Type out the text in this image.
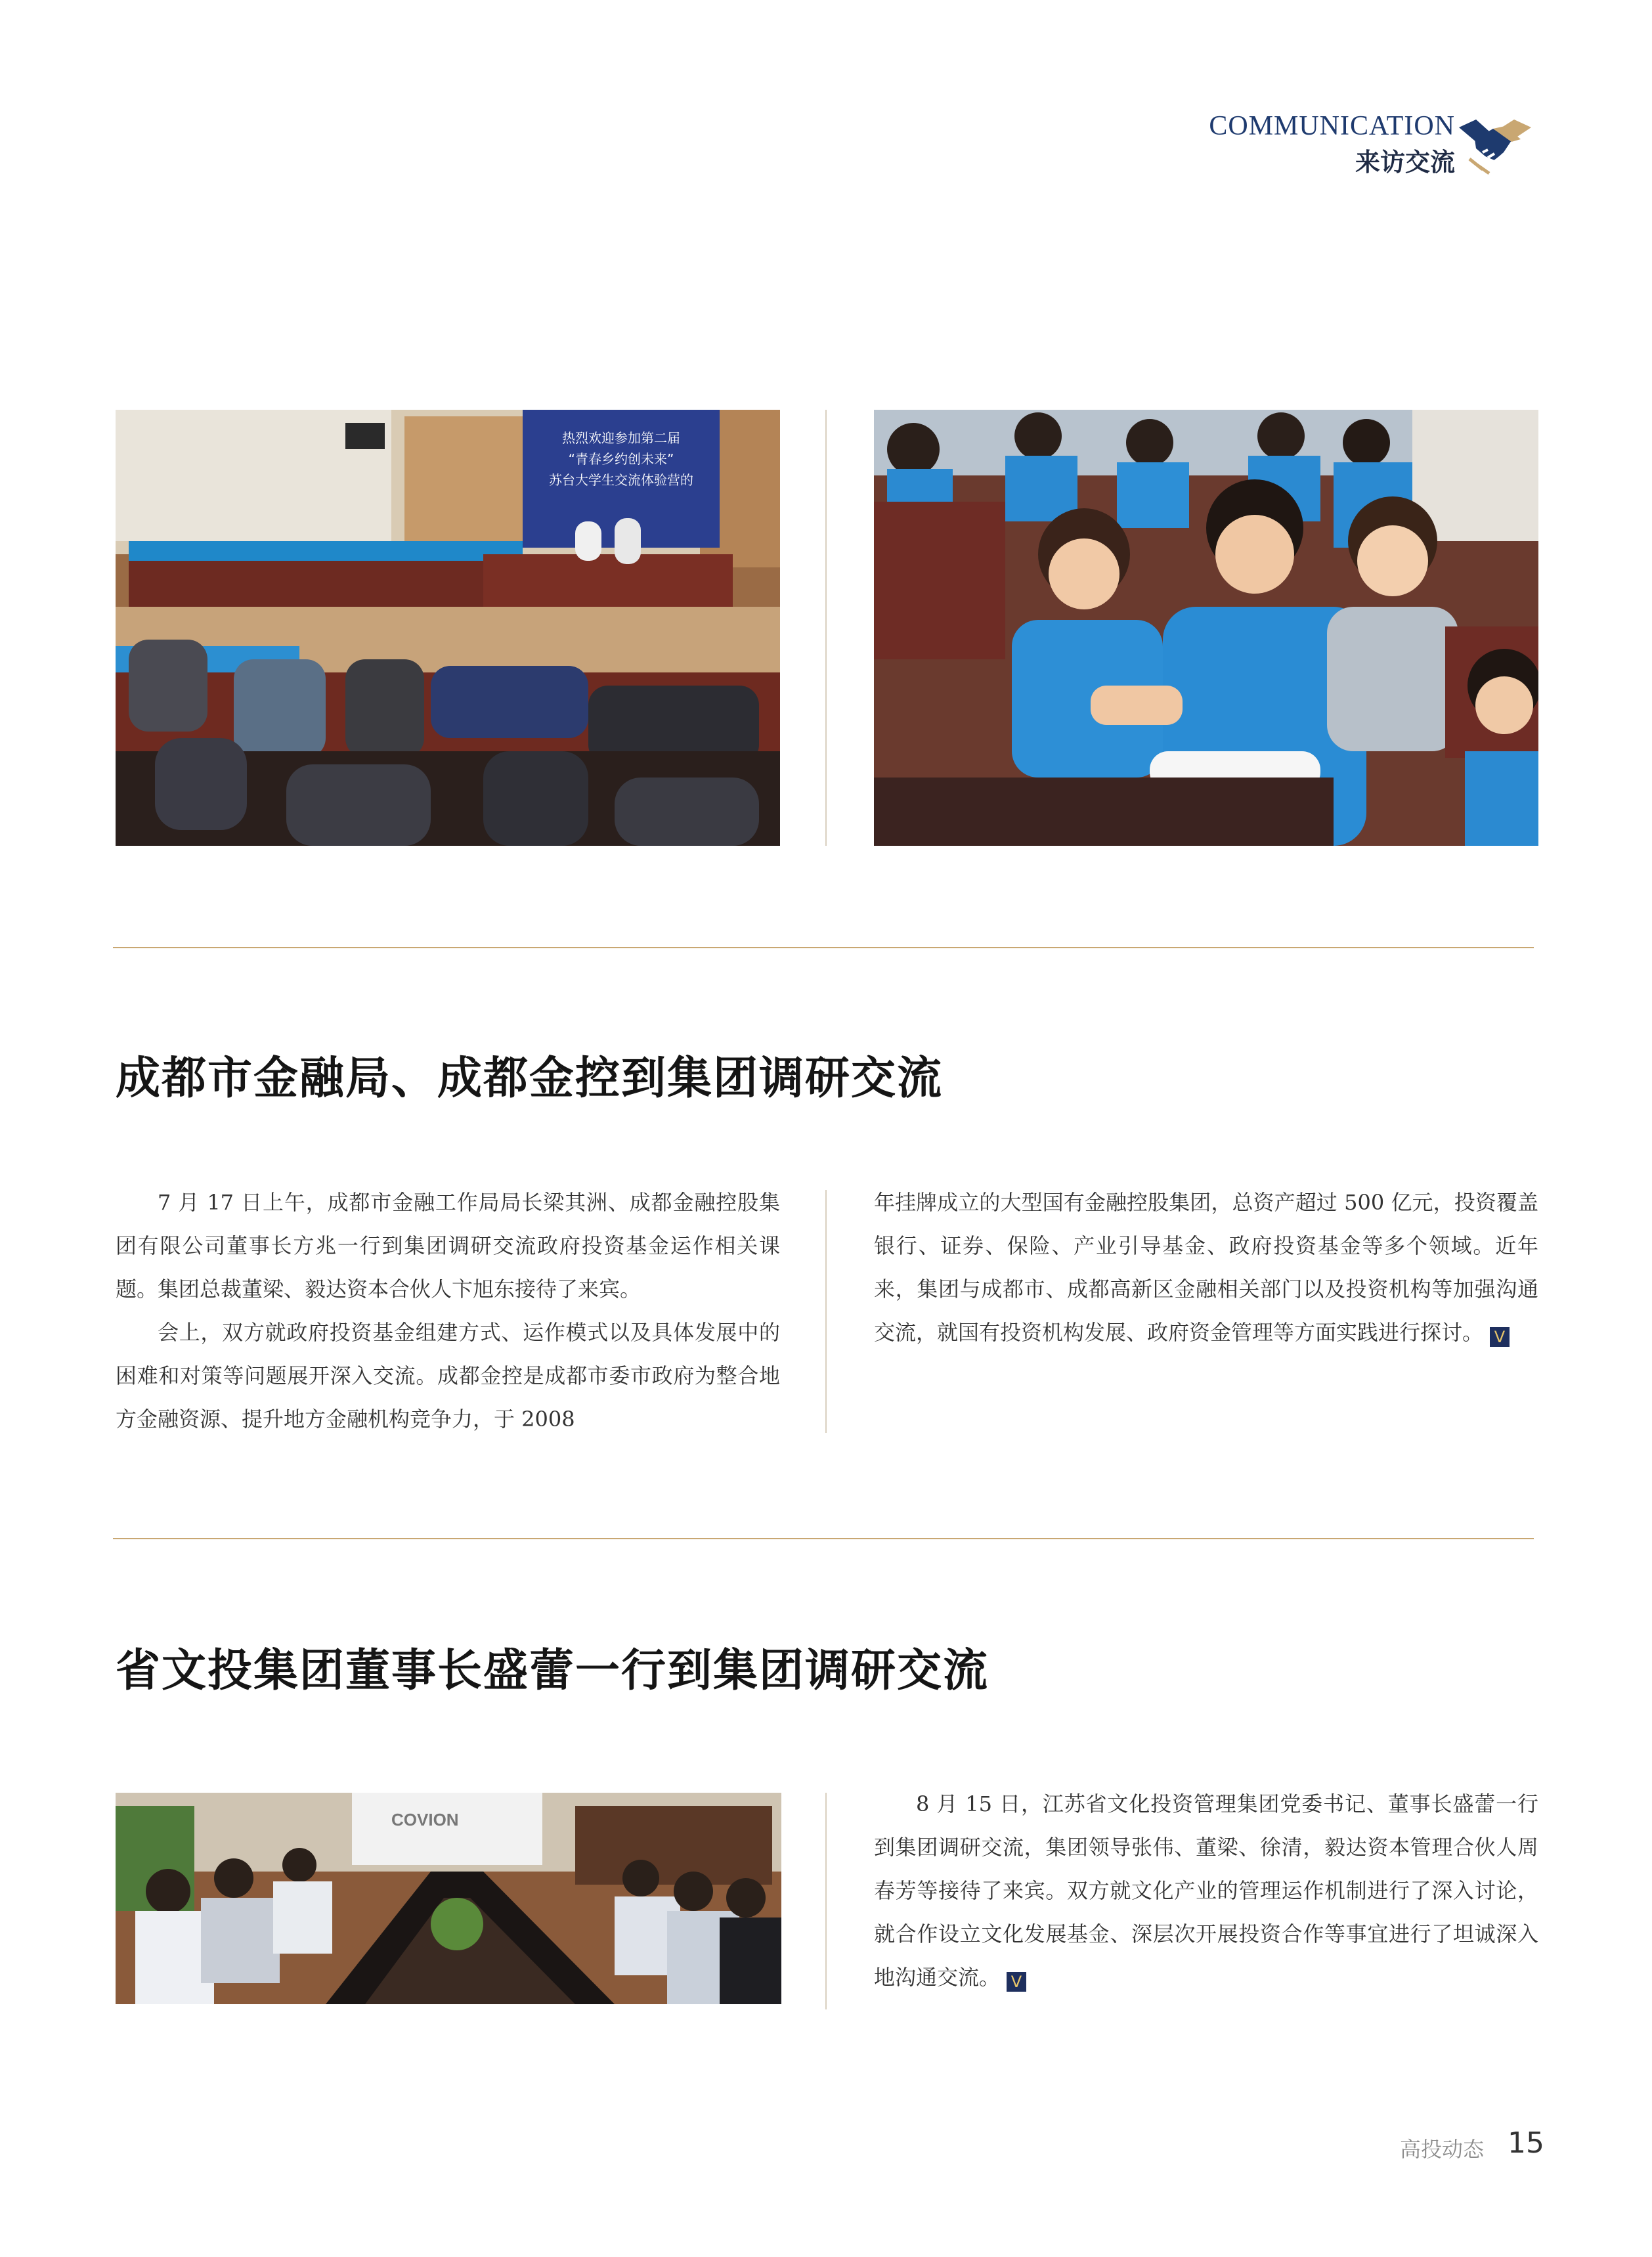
COMMUNICATION
来访交流
热烈欢迎参加第二届
“青春乡约创未来”
苏台大学生交流体验营的
成都市金融局、成都金控到集团调研交流

7 月 17 日上午，成都市金融工作局局长梁其洲、成都金融控股集团有限公司董事长方兆一行到集团调研交流政府投资基金运作相关课题。集团总裁董梁、毅达资本合伙人卞旭东接待了来宾。

会上，双方就政府投资基金组建方式、运作模式以及具体发展中的困难和对策等问题展开深入交流。成都金控是成都市委市政府为整合地方金融资源、提升地方金融机构竞争力，于 2008

年挂牌成立的大型国有金融控股集团，总资产超过 500 亿元，投资覆盖银行、证券、保险、产业引导基金、政府投资基金等多个领域。近年来，集团与成都市、成都高新区金融相关部门以及投资机构等加强沟通交流，就国有投资机构发展、政府资金管理等方面实践进行探讨。 V

省文投集团董事长盛蕾一行到集团调研交流
COVION

8 月 15 日，江苏省文化投资管理集团党委书记、董事长盛蕾一行到集团调研交流，集团领导张伟、董梁、徐清，毅达资本管理合伙人周春芳等接待了来宾。双方就文化产业的管理运作机制进行了深入讨论，就合作设立文化发展基金、深层次开展投资合作等事宜进行了坦诚深入地沟通交流。 V

高投动态 15
